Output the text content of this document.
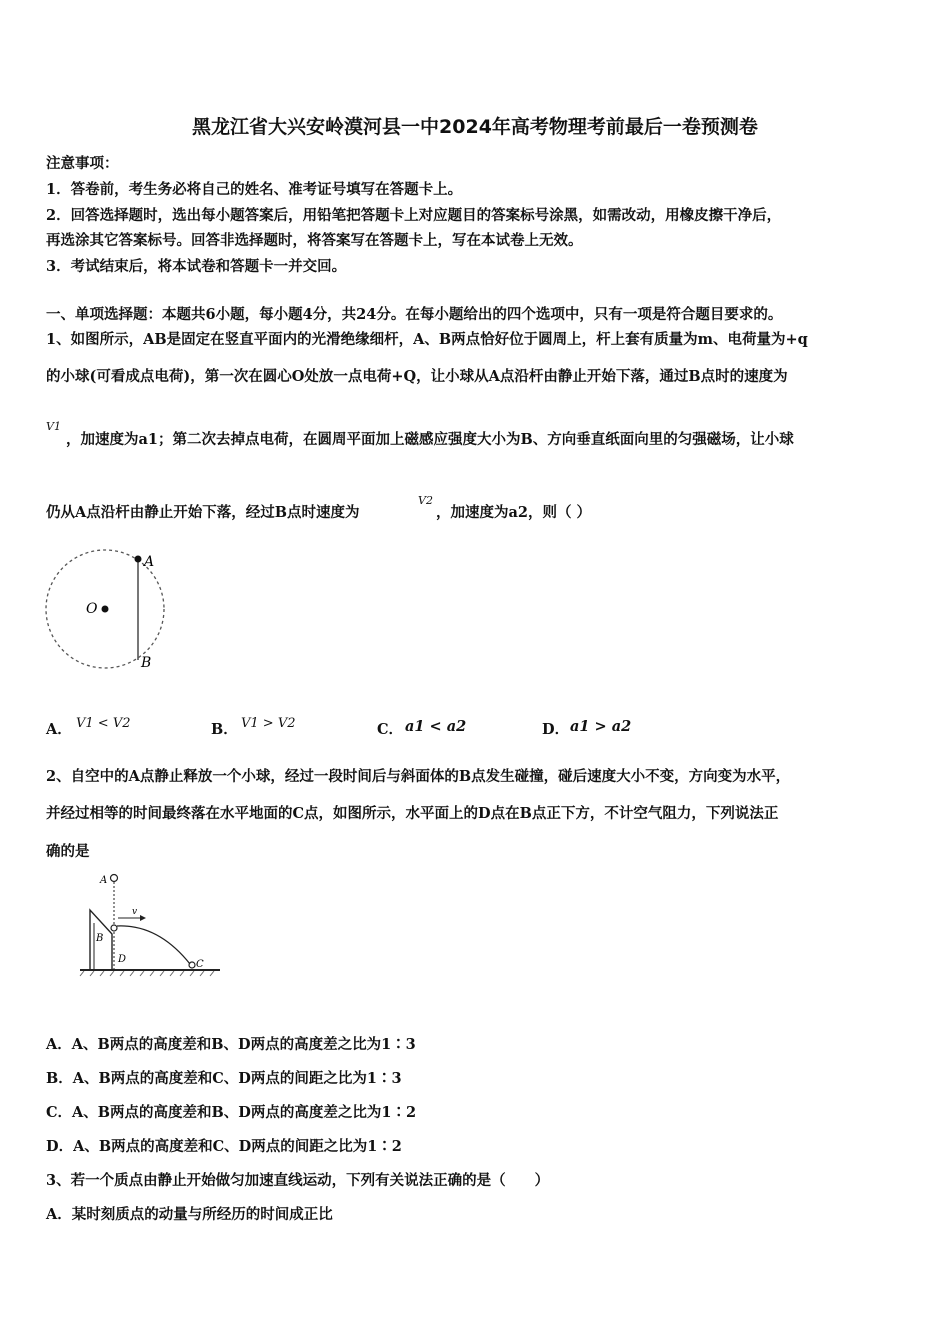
黑龙江省大兴安岭漠河县一中2024年高考物理考前最后一卷预测卷
注意事项：
1．答卷前，考生务必将自己的姓名、准考证号填写在答题卡上。
2．回答选择题时，选出每小题答案后，用铅笔把答题卡上对应题目的答案标号涂黑，如需改动，用橡皮擦干净后，
再选涂其它答案标号。回答非选择题时，将答案写在答题卡上，写在本试卷上无效。
3．考试结束后，将本试卷和答题卡一并交回。
一、单项选择题：本题共6小题，每小题4分，共24分。在每小题给出的四个选项中，只有一项是符合题目要求的。
1、如图所示，AB是固定在竖直平面内的光滑绝缘细杆，A、B两点恰好位于圆周上，杆上套有质量为m、电荷量为+q
的小球(可看成点电荷)，第一次在圆心O处放一点电荷+Q，让小球从A点沿杆由静止开始下落，通过B点时的速度为
V1
，加速度为a1；第二次去掉点电荷，在圆周平面加上磁感应强度大小为B、方向垂直纸面向里的匀强磁场，让小球
仍从A点沿杆由静止开始下落，经过B点时速度为
V2
，加速度为a2，则（ ）
A
O
B
A． V1 < V2	B． V1 > V2	C． a1 < a2	D． a1 > a2
2、自空中的A点静止释放一个小球，经过一段时间后与斜面体的B点发生碰撞，碰后速度大小不变，方向变为水平，
并经过相等的时间最终落在水平地面的C点，如图所示，水平面上的D点在B点正下方，不计空气阻力，下列说法正
确的是
A
B
D	C
v
A．A、B两点的高度差和B、D两点的高度差之比为1∶3
B．A、B两点的高度差和C、D两点的间距之比为1∶3
C．A、B两点的高度差和B、D两点的高度差之比为1∶2
D．A、B两点的高度差和C、D两点的间距之比为1∶2
3、若一个质点由静止开始做匀加速直线运动，下列有关说法正确的是（　　）
A．某时刻质点的动量与所经历的时间成正比
